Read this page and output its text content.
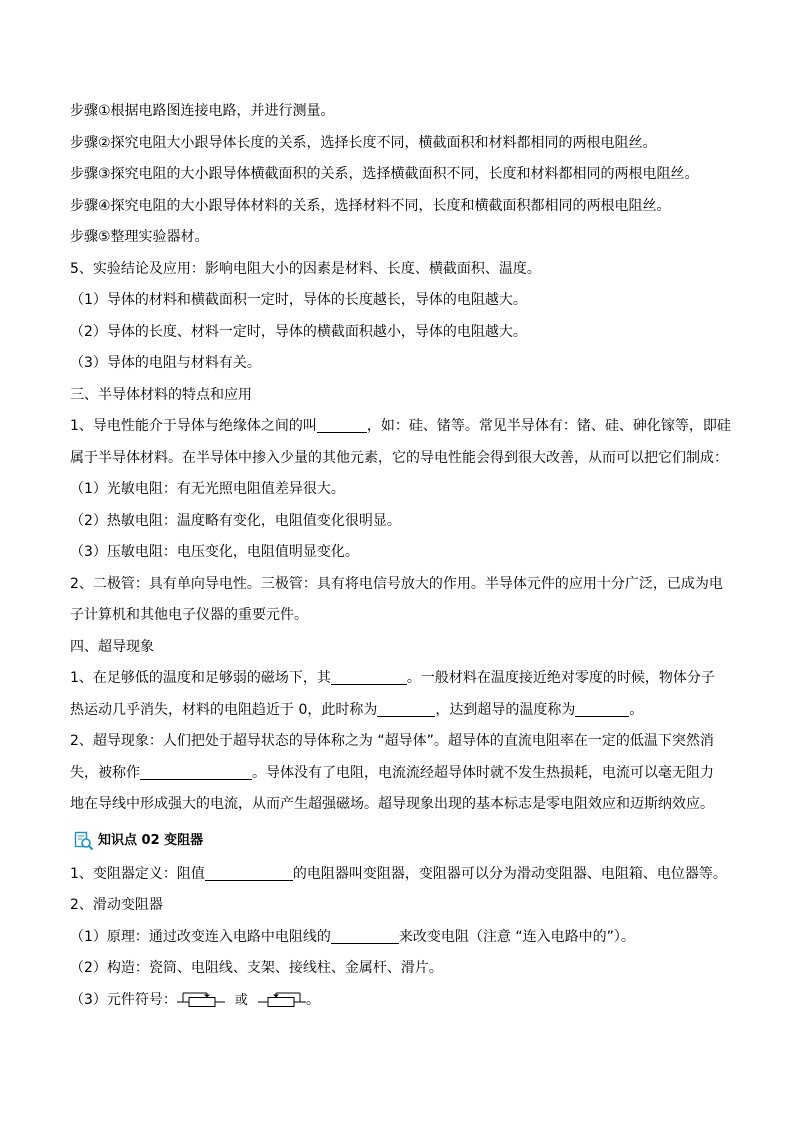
步骤①根据电路图连接电路，并进行测量。
步骤②探究电阻大小跟导体长度的关系，选择长度不同，横截面积和材料都相同的两根电阻丝。
步骤③探究电阻的大小跟导体横截面积的关系，选择横截面积不同，长度和材料都相同的两根电阻丝。
步骤④探究电阻的大小跟导体材料的关系，选择材料不同，长度和横截面积都相同的两根电阻丝。
步骤⑤整理实验器材。
5、实验结论及应用：影响电阻大小的因素是材料、长度、横截面积、温度。
（1）导体的材料和横截面积一定时，导体的长度越长，导体的电阻越大。
（2）导体的长度、材料一定时，导体的横截面积越小，导体的电阻越大。
（3）导体的电阻与材料有关。
三、半导体材料的特点和应用
1、导电性能介于导体与绝缘体之间的叫	，如：硅、锗等。常见半导体有：锗、硅、砷化镓等，即硅
属于半导体材料。在半导体中掺入少量的其他元素，它的导电性能会得到很大改善，从而可以把它们制成：
（1）光敏电阻：有无光照电阻值差异很大。
（2）热敏电阻：温度略有变化，电阻值变化很明显。
（3）压敏电阻：电压变化，电阻值明显变化。
2、二极管：具有单向导电性。三极管：具有将电信号放大的作用。半导体元件的应用十分广泛，已成为电
子计算机和其他电子仪器的重要元件。
四、超导现象
1、在足够低的温度和足够弱的磁场下，其	。一般材料在温度接近绝对零度的时候，物体分子
热运动几乎消失，材料的电阻趋近于 0，此时称为	，达到超导的温度称为	。
2、超导现象：人们把处于超导状态的导体称之为 “超导体”。超导体的直流电阻率在一定的低温下突然消
失，被称作	。导体没有了电阻，电流流经超导体时就不发生热损耗，电流可以毫无阻力
地在导线中形成强大的电流，从而产生超强磁场。超导现象出现的基本标志是零电阻效应和迈斯纳效应。
知识点 02 变阻器
1、变阻器定义：阻值	的电阻器叫变阻器，变阻器可以分为滑动变阻器、电阻箱、电位器等。
2、滑动变阻器
（1）原理：通过改变连入电路中电阻线的	来改变电阻（注意 “连入电路中的”）。
（2）构造：瓷筒、电阻线、支架、接线柱、金属杆、滑片。
（3）元件符号：	或	。
